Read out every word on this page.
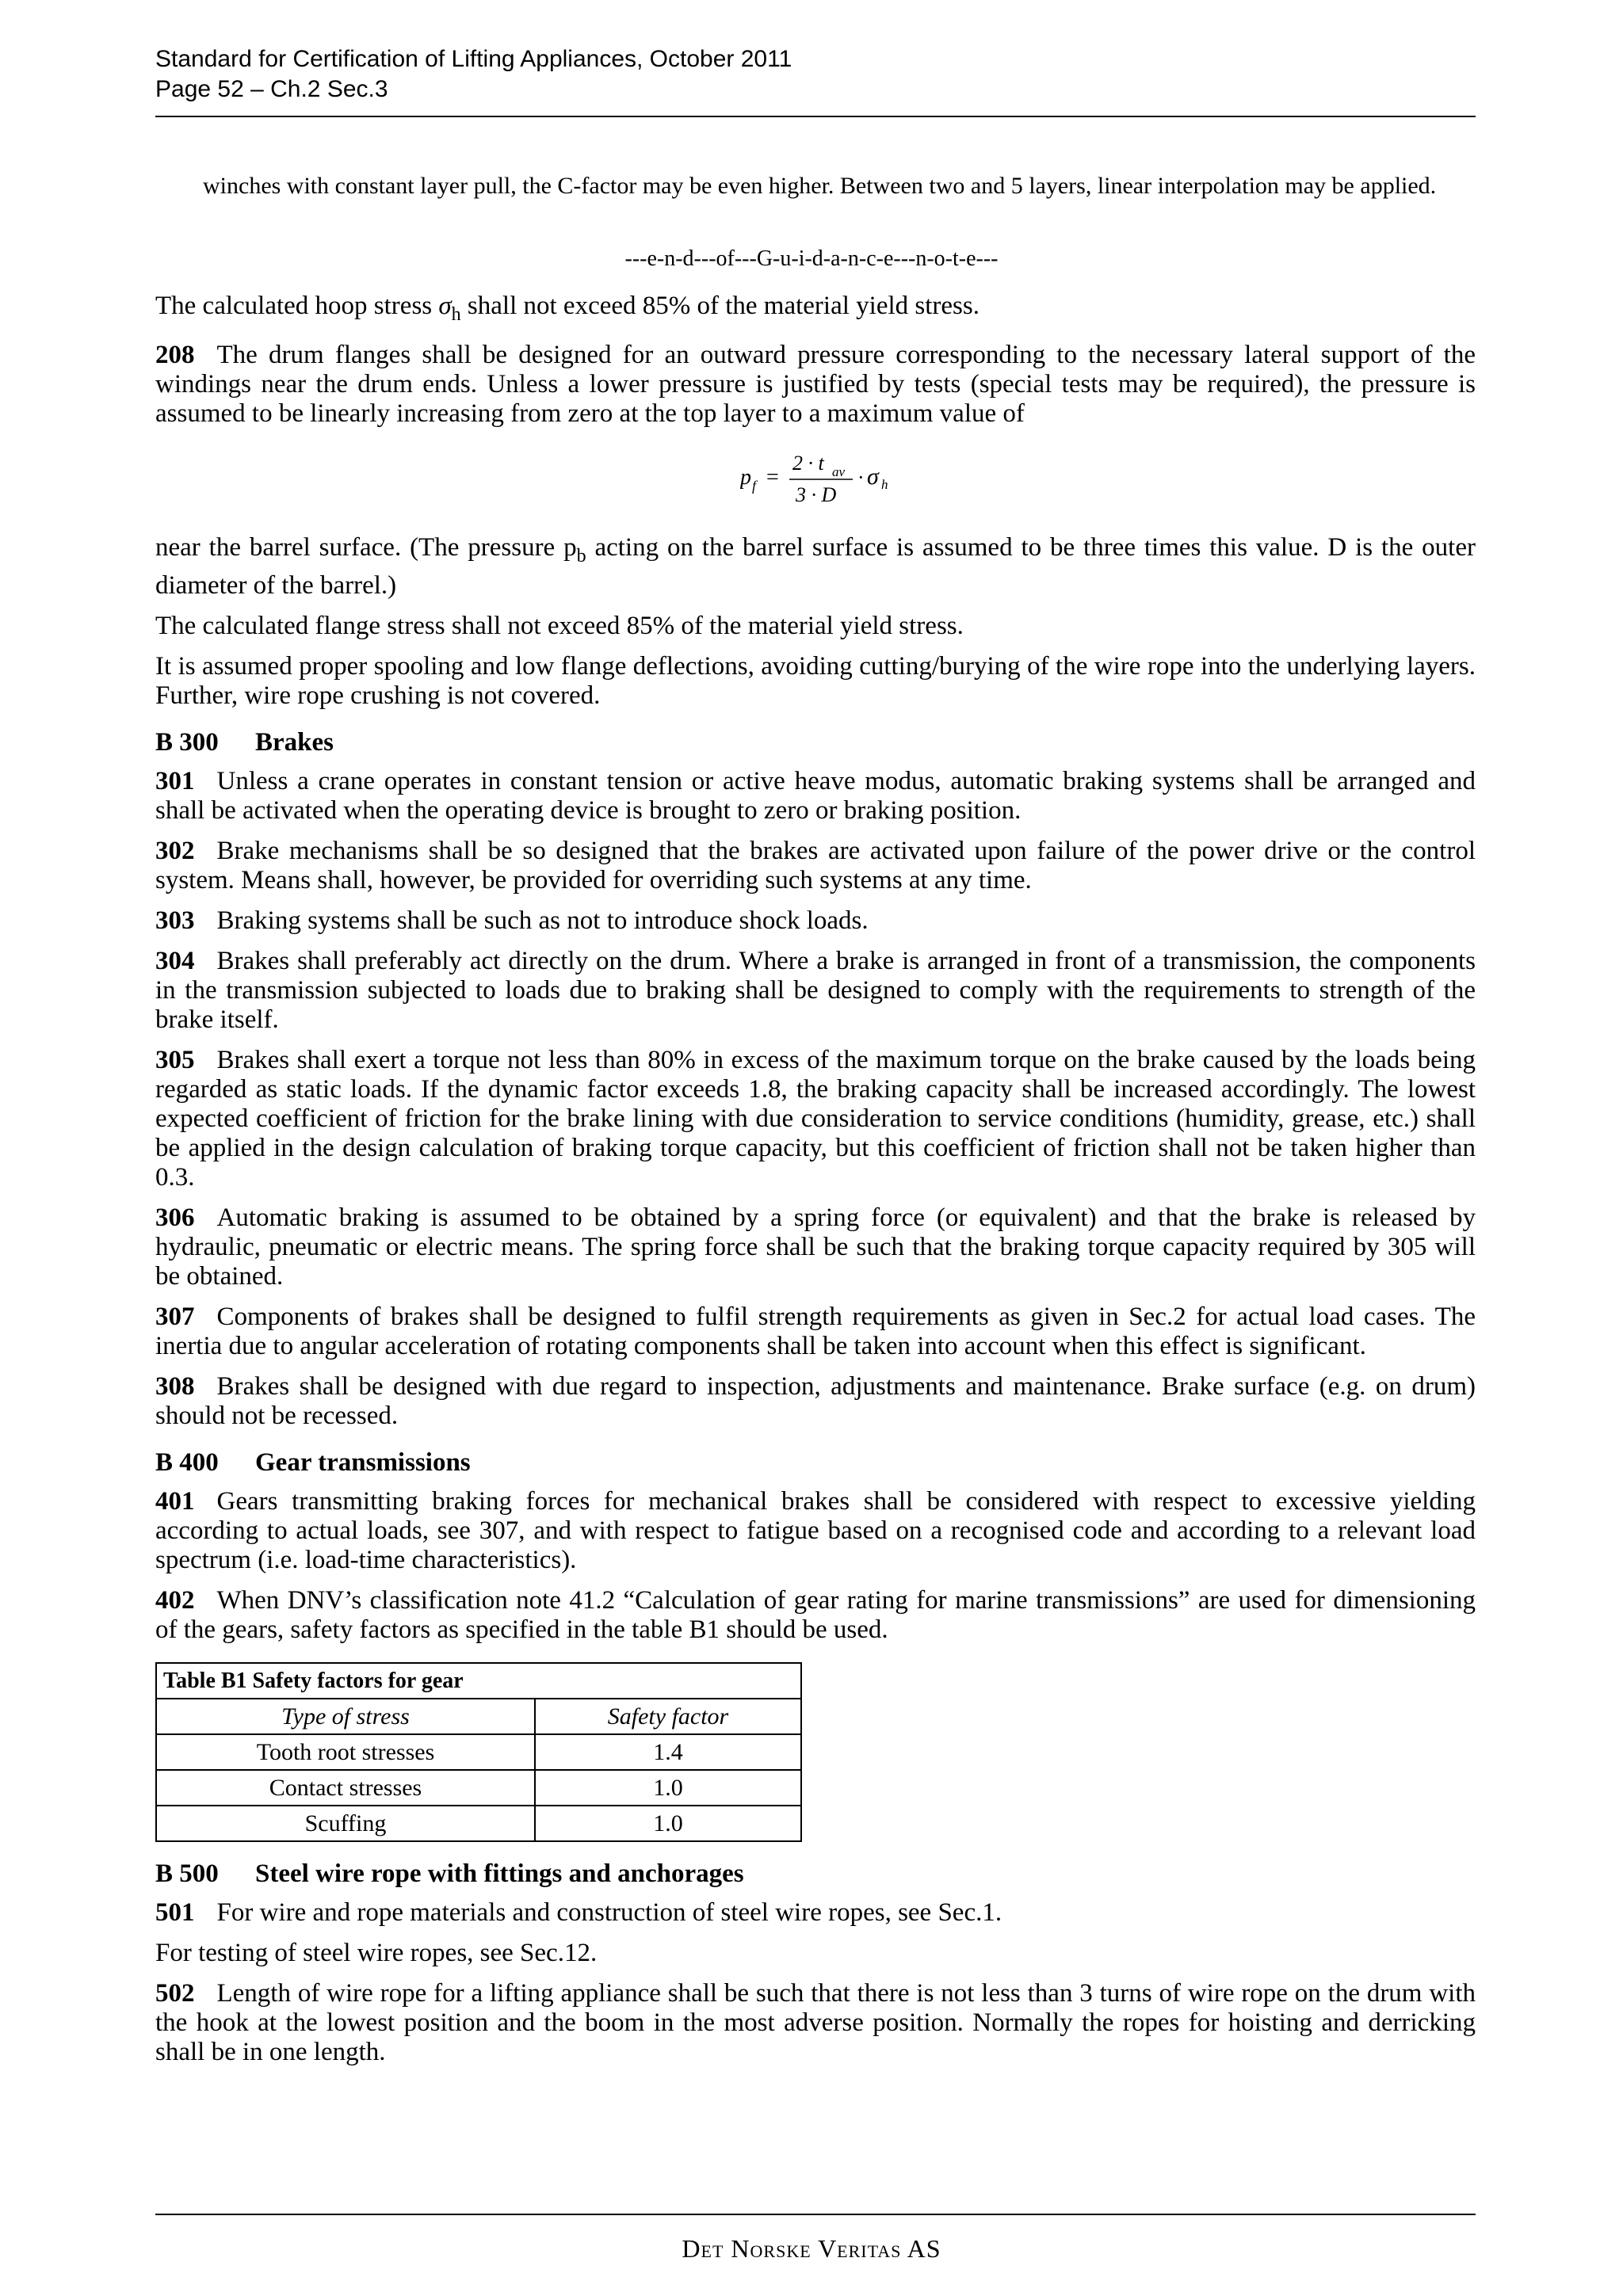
Standard for Certification of Lifting Appliances, October 2011
Page 52 – Ch.2 Sec.3
winches with constant layer pull, the C-factor may be even higher. Between two and 5 layers, linear interpolation may be applied.
---e-n-d---of---G-u-i-d-a-n-c-e---n-o-t-e---

The calculated hoop stress $\sigma_h$ shall not exceed 85% of the material yield stress.

208 The drum flanges shall be designed for an outward pressure corresponding to the necessary lateral support of the windings near the drum ends. Unless a lower pressure is justified by tests (special tests may be required), the pressure is assumed to be linearly increasing from zero at the top layer to a maximum value of

p f =
2 · t av
3 · D
· σ h

near the barrel surface. (The pressure $p_b$ acting on the barrel surface is assumed to be three times this value. D is the outer diameter of the barrel.)

The calculated flange stress shall not exceed 85% of the material yield stress.

It is assumed proper spooling and low flange deflections, avoiding cutting/burying of the wire rope into the underlying layers. Further, wire rope crushing is not covered.

B 300 Brakes

301 Unless a crane operates in constant tension or active heave modus, automatic braking systems shall be arranged and shall be activated when the operating device is brought to zero or braking position.

302 Brake mechanisms shall be so designed that the brakes are activated upon failure of the power drive or the control system. Means shall, however, be provided for overriding such systems at any time.

303 Braking systems shall be such as not to introduce shock loads.

304 Brakes shall preferably act directly on the drum. Where a brake is arranged in front of a transmission, the components in the transmission subjected to loads due to braking shall be designed to comply with the requirements to strength of the brake itself.

305 Brakes shall exert a torque not less than 80% in excess of the maximum torque on the brake caused by the loads being regarded as static loads. If the dynamic factor exceeds 1.8, the braking capacity shall be increased accordingly. The lowest expected coefficient of friction for the brake lining with due consideration to service conditions (humidity, grease, etc.) shall be applied in the design calculation of braking torque capacity, but this coefficient of friction shall not be taken higher than 0.3.

306 Automatic braking is assumed to be obtained by a spring force (or equivalent) and that the brake is released by hydraulic, pneumatic or electric means. The spring force shall be such that the braking torque capacity required by 305 will be obtained.

307 Components of brakes shall be designed to fulfil strength requirements as given in Sec.2 for actual load cases. The inertia due to angular acceleration of rotating components shall be taken into account when this effect is significant.

308 Brakes shall be designed with due regard to inspection, adjustments and maintenance. Brake surface (e.g. on drum) should not be recessed.

B 400 Gear transmissions

401 Gears transmitting braking forces for mechanical brakes shall be considered with respect to excessive yielding according to actual loads, see 307, and with respect to fatigue based on a recognised code and according to a relevant load spectrum (i.e. load-time characteristics).

402 When DNV’s classification note 41.2 “Calculation of gear rating for marine transmissions” are used for dimensioning of the gears, safety factors as specified in the table B1 should be used.

Table B1 Safety factors for gear	
Type of stress	Safety factor
Tooth root stresses	1.4
Contact stresses	1.0
Scuffing	1.0

B 500 Steel wire rope with fittings and anchorages

501 For wire and rope materials and construction of steel wire ropes, see Sec.1.

For testing of steel wire ropes, see Sec.12.

502 Length of wire rope for a lifting appliance shall be such that there is not less than 3 turns of wire rope on the drum with the hook at the lowest position and the boom in the most adverse position. Normally the ropes for hoisting and derricking shall be in one length.

Det Norske Veritas AS
